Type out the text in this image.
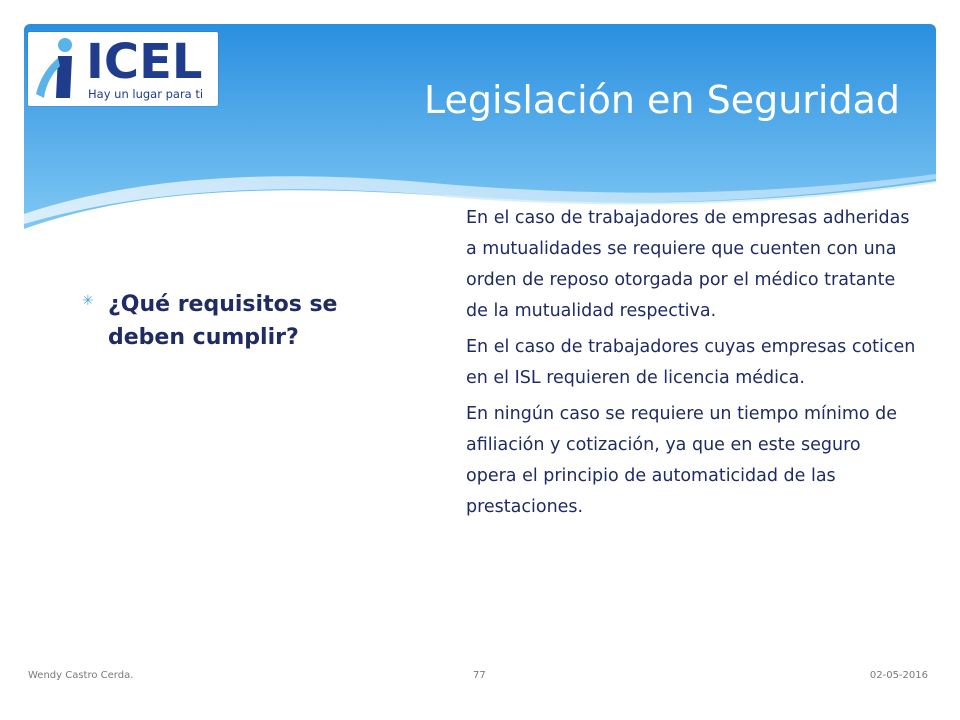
ICEL
Hay un lugar para ti	Legislación en Seguridad
✳ ¿Qué requisitos se deben cumplir?

En el caso de trabajadores de empresas adheridas a mutualidades se requiere que cuenten con una orden de reposo otorgada por el médico tratante de la mutualidad respectiva.

En el caso de trabajadores cuyas empresas coticen en el ISL requieren de licencia médica.

En ningún caso se requiere un tiempo mínimo de afiliación y cotización, ya que en este seguro opera el principio de automaticidad de las prestaciones.

Wendy Castro Cerda.	77	02-05-2016
